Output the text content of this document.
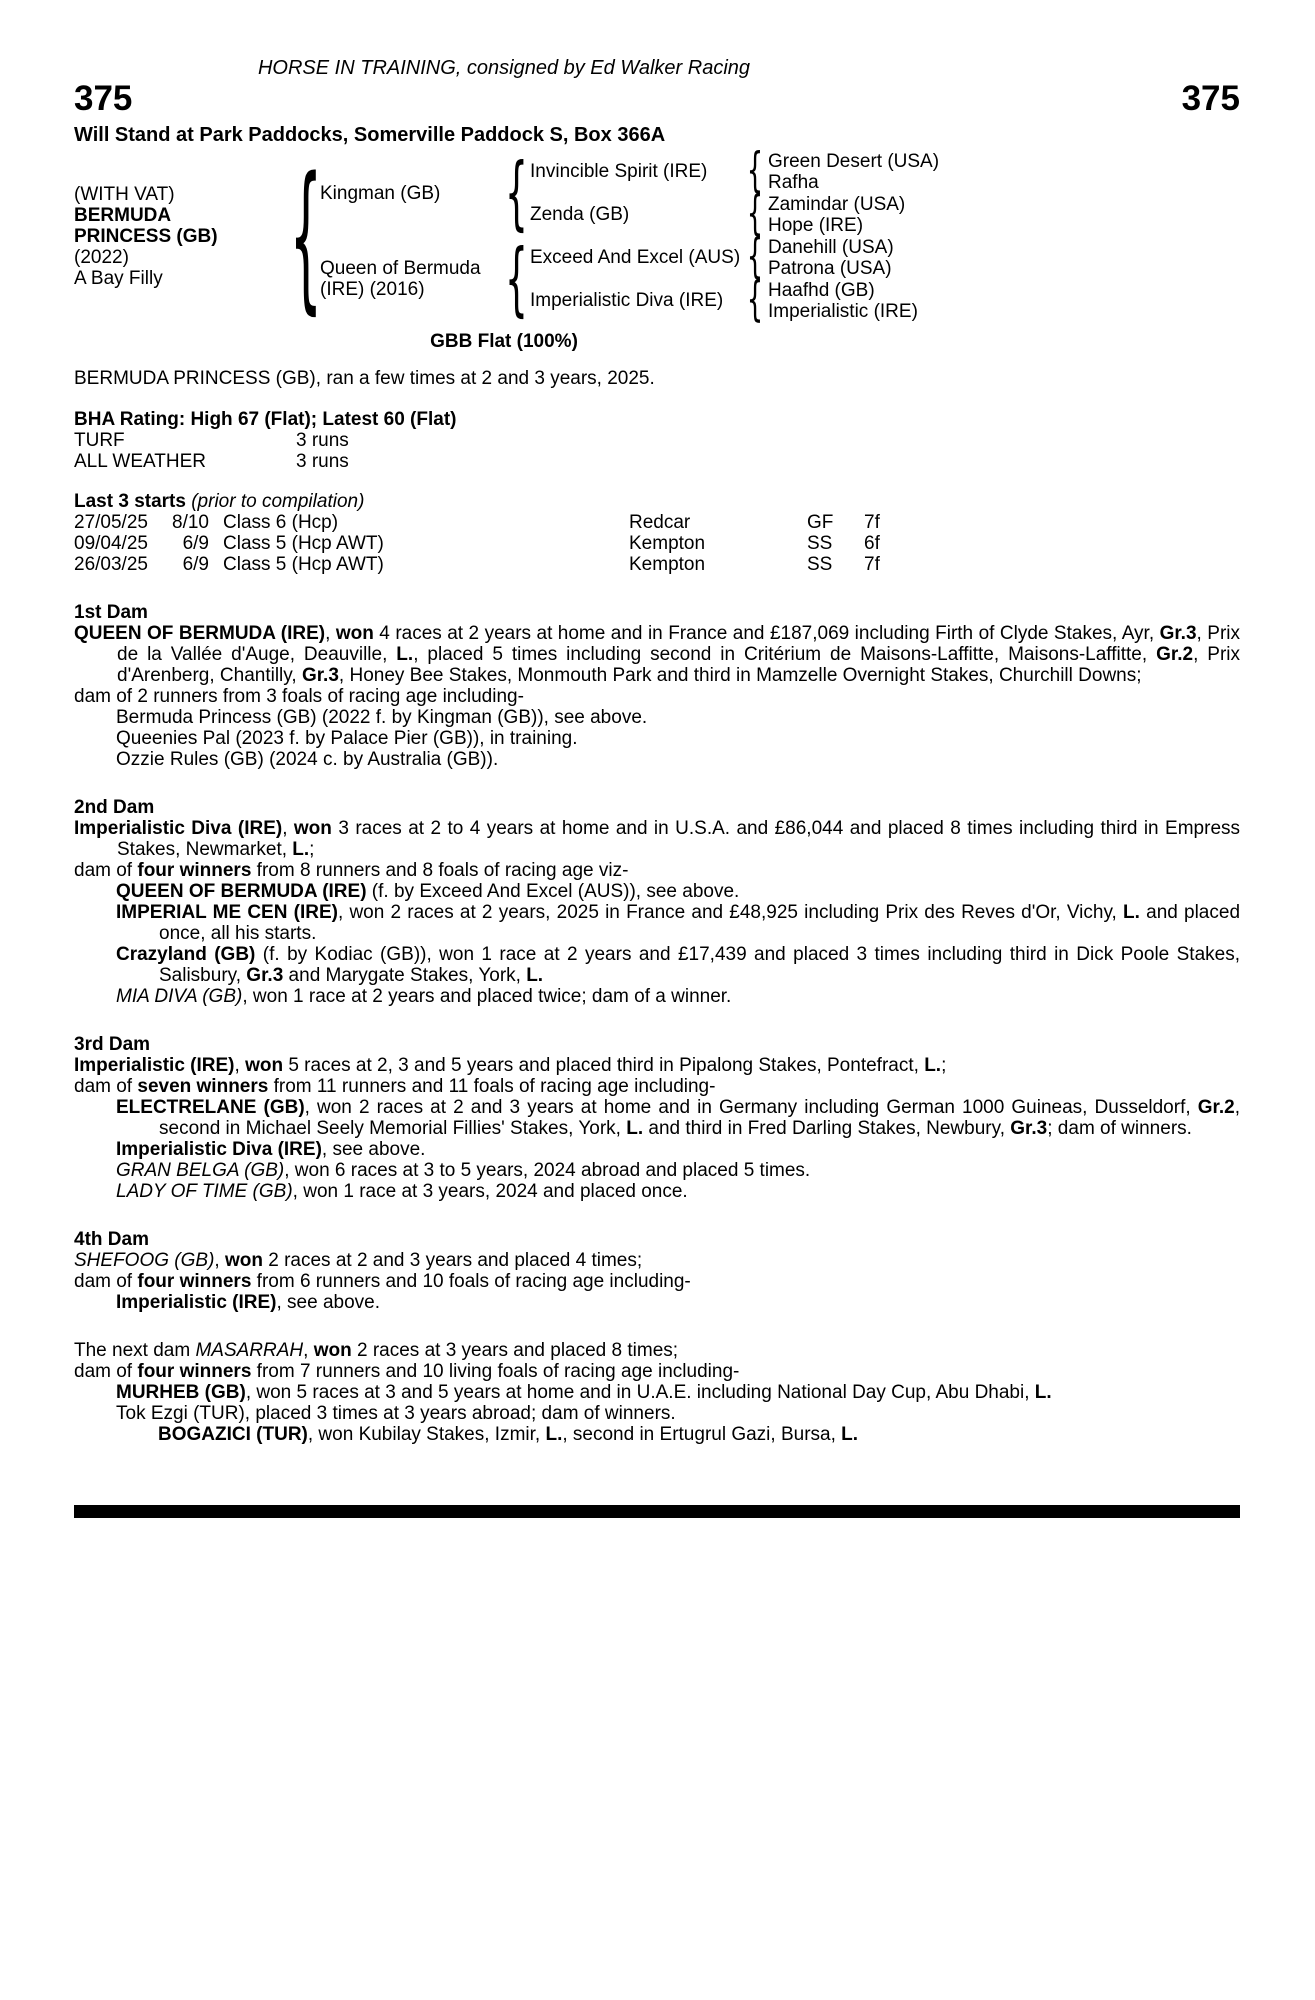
HORSE IN TRAINING, consigned by Ed Walker Racing
375	375
Will Stand at Park Paddocks, Somerville Paddock S, Box 366A
(WITH VAT)
BERMUDA PRINCESS (GB)
(2022)
A Bay Filly {
Kingman (GB) { Invincible Spirit (IRE) { Green Desert (USA)
Rafha
Zenda (GB)	{ Zamindar (USA)
Hope (IRE)
Queen of Bermuda (IRE) (2016)	{ Exceed And Excel (AUS) { Danehill (USA)
Patrona (USA)
Imperialistic Diva (IRE) { Haafhd (GB)
Imperialistic (IRE)
GBB Flat (100%)
BERMUDA PRINCESS (GB), ran a few times at 2 and 3 years, 2025.
BHA Rating: High 67 (Flat); Latest 60 (Flat)
TURF	3 runs
ALL WEATHER	3 runs
Last 3 starts (prior to compilation)
27/05/25	8/10 Class 6 (Hcp)	Redcar	GF	7f
09/04/25	6/9 Class 5 (Hcp AWT)	Kempton	SS	6f
26/03/25	6/9 Class 5 (Hcp AWT)	Kempton	SS	7f
1st Dam
QUEEN OF BERMUDA (IRE), won 4 races at 2 years at home and in France and £187,069 including Firth of Clyde Stakes, Ayr, Gr.3, Prix de la Vallée d'Auge, Deauville, L., placed 5 times including second in Critérium de Maisons-Laffitte, Maisons-Laffitte, Gr.2, Prix d'Arenberg, Chantilly, Gr.3, Honey Bee Stakes, Monmouth Park and third in Mamzelle Overnight Stakes, Churchill Downs;
dam of 2 runners from 3 foals of racing age including-
Bermuda Princess (GB) (2022 f. by Kingman (GB)), see above.
Queenies Pal (2023 f. by Palace Pier (GB)), in training.
Ozzie Rules (GB) (2024 c. by Australia (GB)).
2nd Dam
Imperialistic Diva (IRE), won 3 races at 2 to 4 years at home and in U.S.A. and £86,044 and placed 8 times including third in Empress Stakes, Newmarket, L.;
dam of four winners from 8 runners and 8 foals of racing age viz-
QUEEN OF BERMUDA (IRE) (f. by Exceed And Excel (AUS)), see above.
IMPERIAL ME CEN (IRE), won 2 races at 2 years, 2025 in France and £48,925 including Prix des Reves d'Or, Vichy, L. and placed once, all his starts.
Crazyland (GB) (f. by Kodiac (GB)), won 1 race at 2 years and £17,439 and placed 3 times including third in Dick Poole Stakes, Salisbury, Gr.3 and Marygate Stakes, York, L.
MIA DIVA (GB), won 1 race at 2 years and placed twice; dam of a winner.
3rd Dam
Imperialistic (IRE), won 5 races at 2, 3 and 5 years and placed third in Pipalong Stakes, Pontefract, L.;
dam of seven winners from 11 runners and 11 foals of racing age including-
ELECTRELANE (GB), won 2 races at 2 and 3 years at home and in Germany including German 1000 Guineas, Dusseldorf, Gr.2, second in Michael Seely Memorial Fillies' Stakes, York, L. and third in Fred Darling Stakes, Newbury, Gr.3; dam of winners.
Imperialistic Diva (IRE), see above.
GRAN BELGA (GB), won 6 races at 3 to 5 years, 2024 abroad and placed 5 times.
LADY OF TIME (GB), won 1 race at 3 years, 2024 and placed once.
4th Dam
SHEFOOG (GB), won 2 races at 2 and 3 years and placed 4 times;
dam of four winners from 6 runners and 10 foals of racing age including-
Imperialistic (IRE), see above.
The next dam MASARRAH, won 2 races at 3 years and placed 8 times;
dam of four winners from 7 runners and 10 living foals of racing age including-
MURHEB (GB), won 5 races at 3 and 5 years at home and in U.A.E. including National Day Cup, Abu Dhabi, L.
Tok Ezgi (TUR), placed 3 times at 3 years abroad; dam of winners.
BOGAZICI (TUR), won Kubilay Stakes, Izmir, L., second in Ertugrul Gazi, Bursa, L.
